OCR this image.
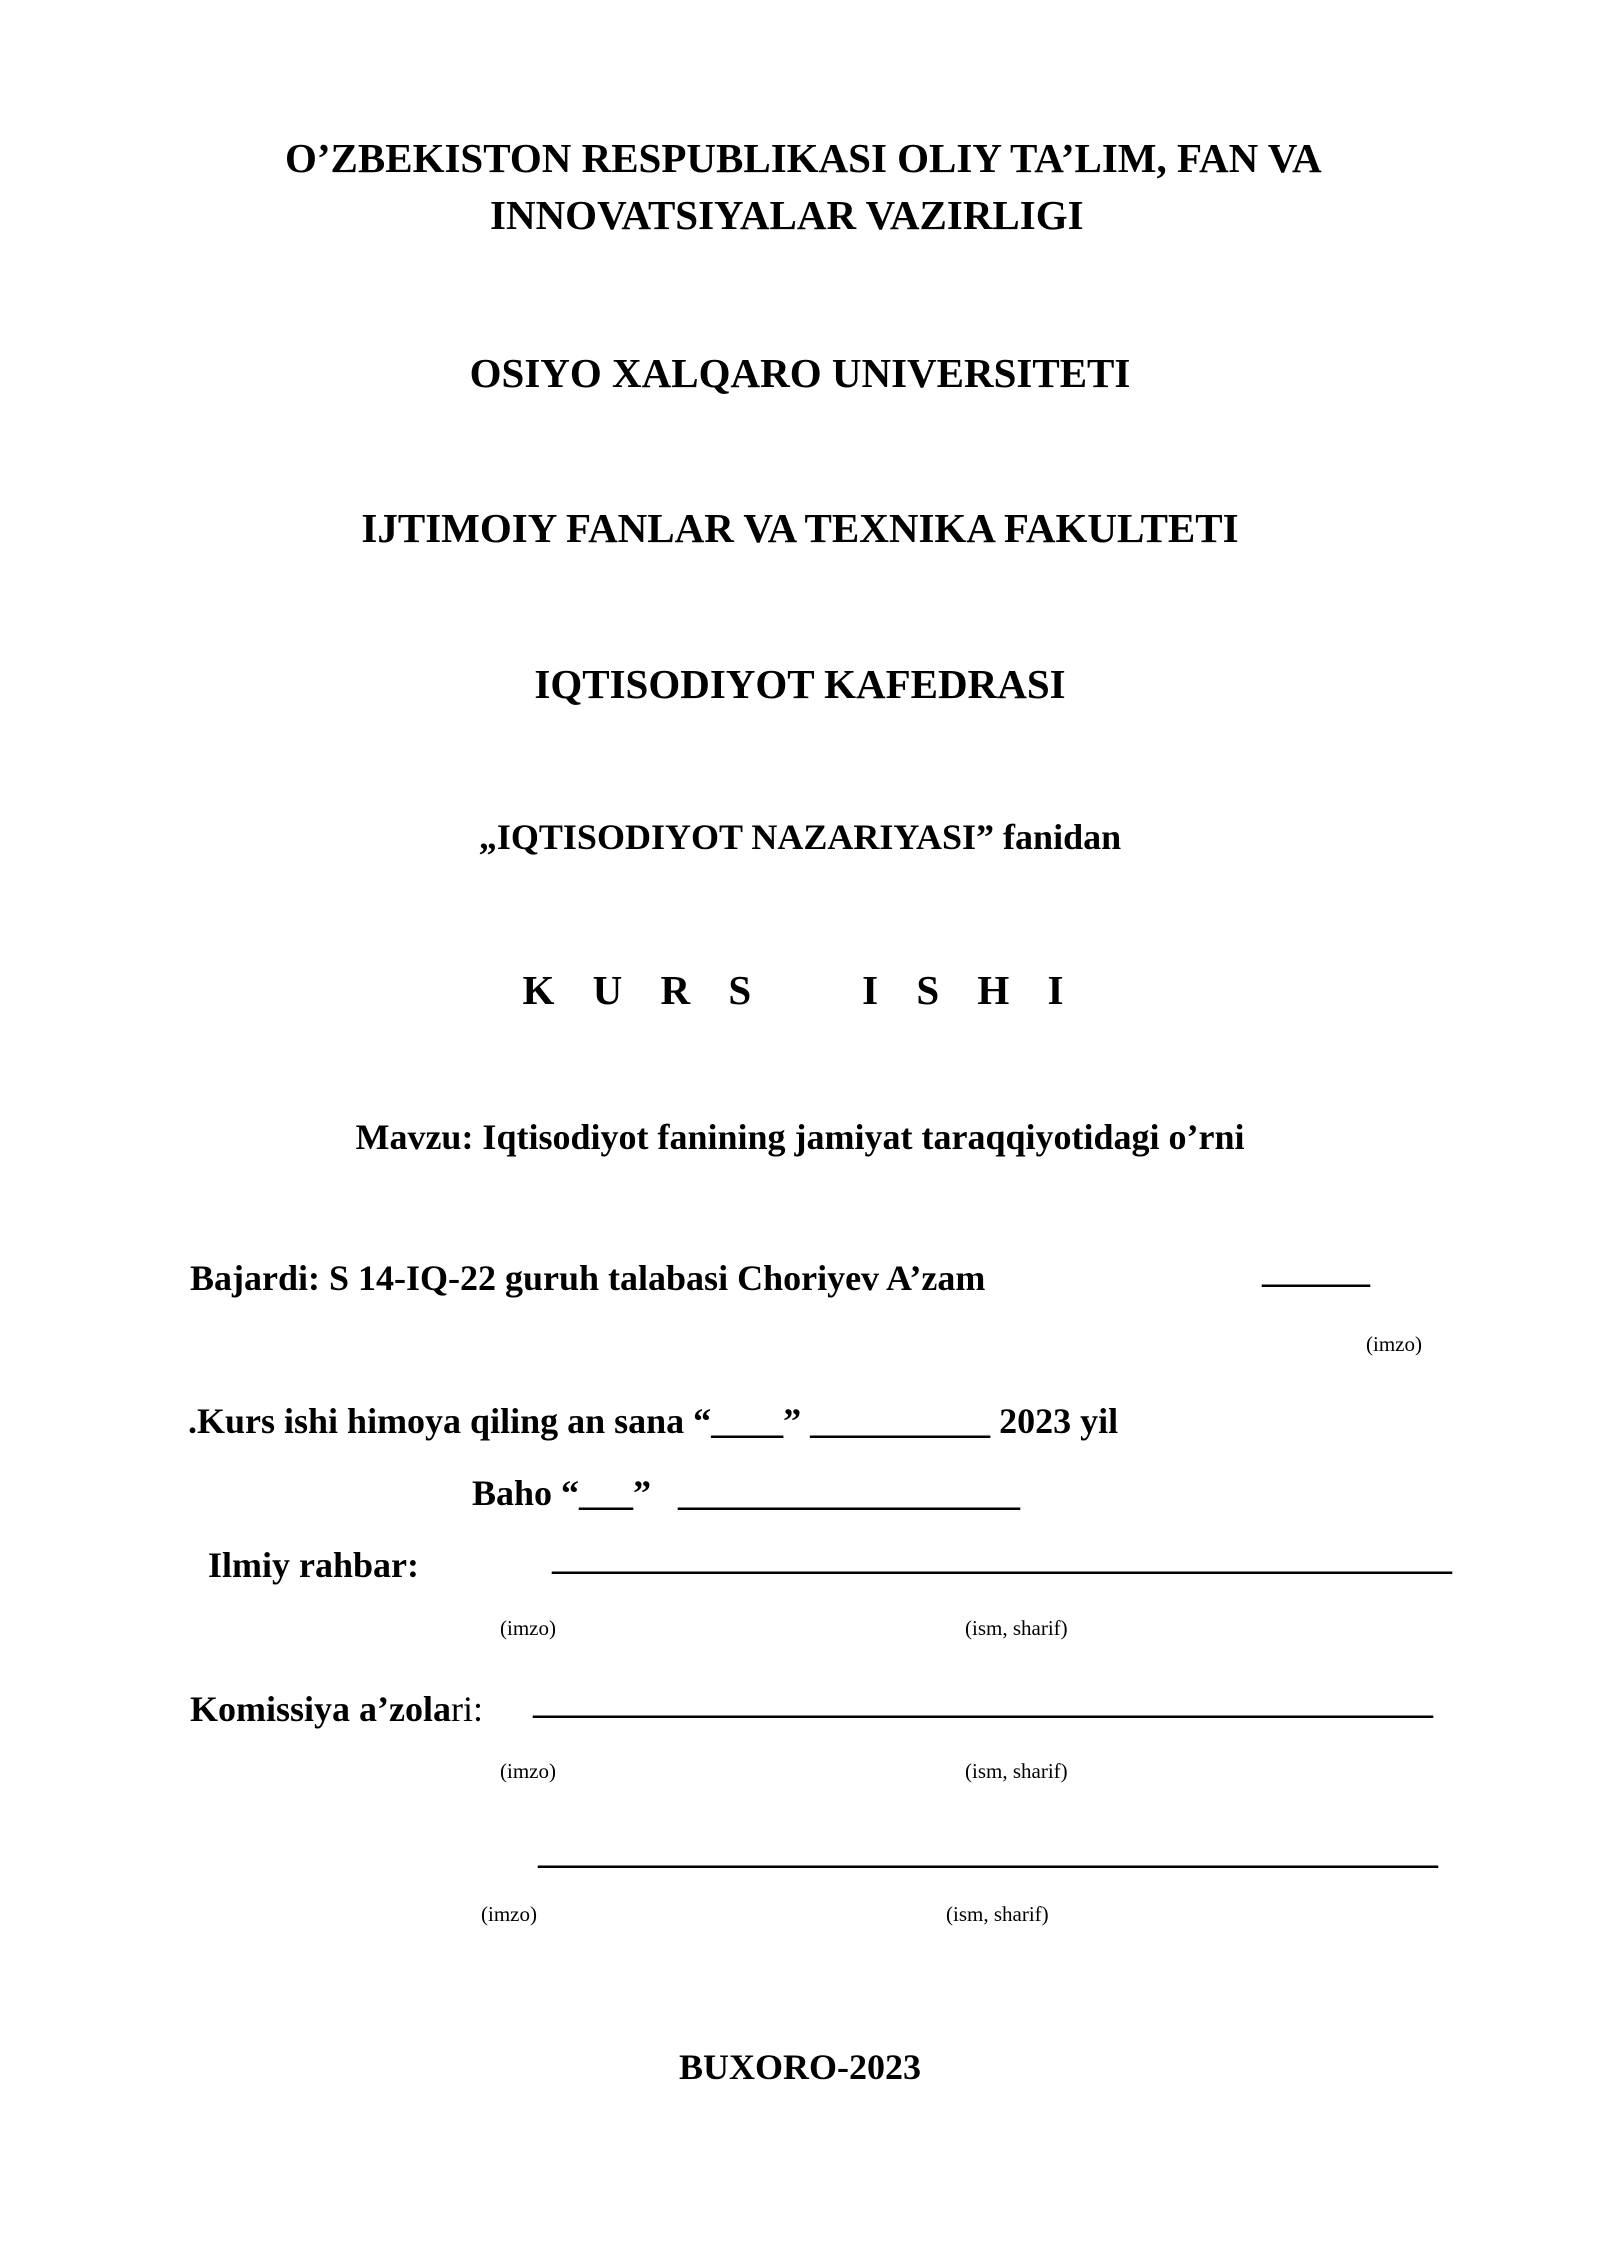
O’ZBEKISTON RESPUBLIKASI OLIY TA’LIM, FAN VA
INNOVATSIYALAR VAZIRLIGI
OSIYO XALQARO UNIVERSITETI
IJTIMOIY FANLAR VA TEXNIKA FAKULTETI
IQTISODIYOT KAFEDRASI
„IQTISODIYOT NAZARIYASI” fanidan
K U R S    I S H I
Mavzu: Iqtisodiyot fanining jamiyat taraqqiyotidagi o’rni
Bajardi: S 14-IQ-22 guruh talabasi Choriyev A’zam	______
(imzo)
.Kurs ishi himoya qiling an sana “____” __________ 2023 yil
Baho “___”   ___________________
Ilmiy rahbar:	__________________________________________________
(imzo)	(ism, sharif)
Komissiya a’zolari: __________________________________________________
(imzo)	(ism, sharif)
__________________________________________________
(imzo)	(ism, sharif)
BUXORO-2023
